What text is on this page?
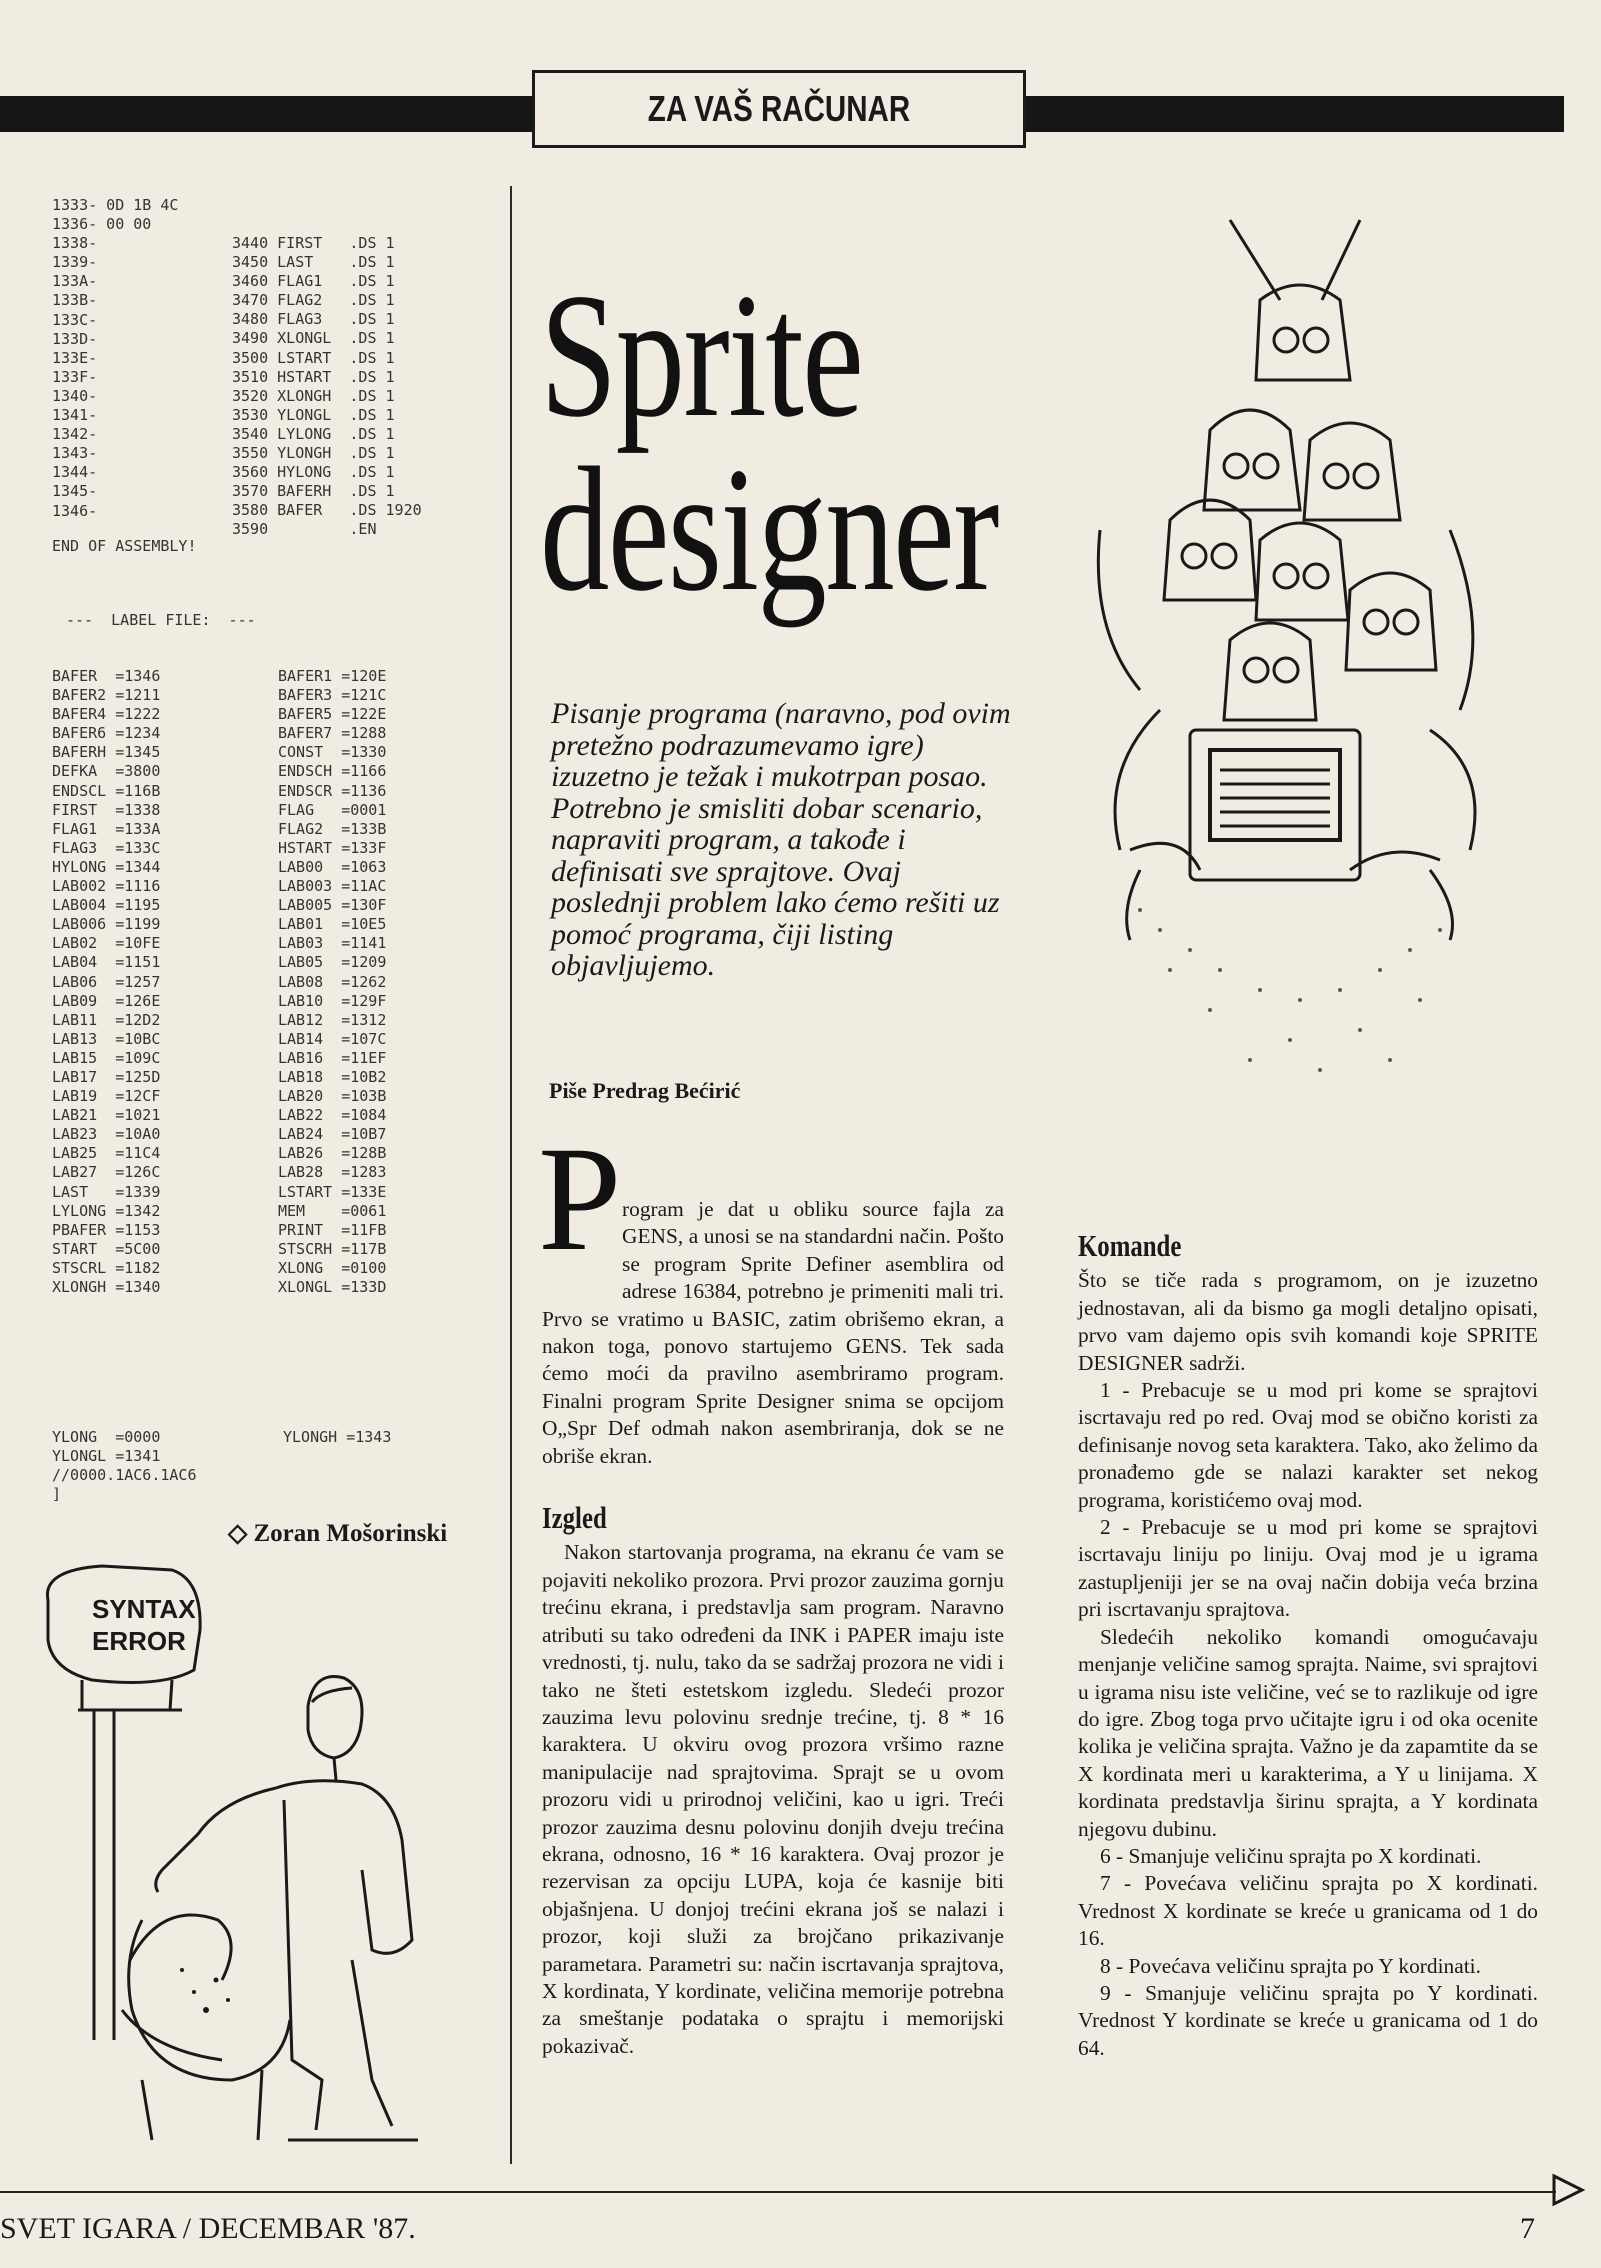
ZA VAŠ RAČUNAR
1333- 0D 1B 4C
1336- 00 00
1338-
1339-
133A-
133B-
133C-
133D-
133E-
133F-
1340-
1341-
1342-
1343-
1344-
1345-
1346-
3440 FIRST   .DS 1
3450 LAST    .DS 1
3460 FLAG1   .DS 1
3470 FLAG2   .DS 1
3480 FLAG3   .DS 1
3490 XLONGL  .DS 1
3500 LSTART  .DS 1
3510 HSTART  .DS 1
3520 XLONGH  .DS 1
3530 YLONGL  .DS 1
3540 LYLONG  .DS 1
3550 YLONGH  .DS 1
3560 HYLONG  .DS 1
3570 BAFERH  .DS 1
3580 BAFER   .DS 1920
3590         .EN
END OF ASSEMBLY!
---  LABEL FILE:  ---
BAFER  =1346
BAFER2 =1211
BAFER4 =1222
BAFER6 =1234
BAFERH =1345
DEFKA  =3800
ENDSCL =116B
FIRST  =1338
FLAG1  =133A
FLAG3  =133C
HYLONG =1344
LAB002 =1116
LAB004 =1195
LAB006 =1199
LAB02  =10FE
LAB04  =1151
LAB06  =1257
LAB09  =126E
LAB11  =12D2
LAB13  =10BC
LAB15  =109C
LAB17  =125D
LAB19  =12CF
LAB21  =1021
LAB23  =10A0
LAB25  =11C4
LAB27  =126C
LAST   =1339
LYLONG =1342
PBAFER =1153
START  =5C00
STSCRL =1182
XLONGH =1340
BAFER1 =120E
BAFER3 =121C
BAFER5 =122E
BAFER7 =1288
CONST  =1330
ENDSCH =1166
ENDSCR =1136
FLAG   =0001
FLAG2  =133B
HSTART =133F
LAB00  =1063
LAB003 =11AC
LAB005 =130F
LAB01  =10E5
LAB03  =1141
LAB05  =1209
LAB08  =1262
LAB10  =129F
LAB12  =1312
LAB14  =107C
LAB16  =11EF
LAB18  =10B2
LAB20  =103B
LAB22  =1084
LAB24  =10B7
LAB26  =128B
LAB28  =1283
LSTART =133E
MEM    =0061
PRINT  =11FB
STSCRH =117B
XLONG  =0100
XLONGL =133D
YLONG  =0000
YLONGL =1341
//0000.1AC6.1AC6
]
YLONGH =1343
◇ Zoran Mošorinski
SYNTAX
ERROR
Sprite
designer
Pisanje programa (naravno, pod ovim pretežno podrazumevamo igre) izuzetno je težak i mukotrpan posao. Potrebno je smisliti dobar scenario, napraviti program, a takođe i definisati sve sprajtove. Ovaj poslednji problem lako ćemo rešiti uz pomoć programa, čiji listing objavljujemo.
Piše Predrag Bećirić
P rogram je dat u obliku source fajla za GENS, a unosi se na standardni način. Pošto se program Sprite Definer asemblira od adrese 16384, potrebno je primeniti mali tri. Prvo se vratimo u BASIC, zatim obrišemo ekran, a nakon toga, ponovo startujemo GENS. Tek sada ćemo moći da pravilno asembriramo program. Finalni program Sprite Designer snima se opcijom O„Spr Def odmah nakon asembriranja, dok se ne obriše ekran.

Izgled

Nakon startovanja programa, na ekranu će vam se pojaviti nekoliko prozora. Prvi prozor zauzima gornju trećinu ekrana, i predstavlja sam program. Naravno atributi su tako određeni da INK i PAPER imaju iste vrednosti, tj. nulu, tako da se sadržaj prozora ne vidi i tako ne šteti estetskom izgledu. Sledeći prozor zauzima levu polovinu srednje trećine, tj. 8 * 16 karaktera. U okviru ovog prozora vršimo razne manipulacije nad sprajtovima. Sprajt se u ovom prozoru vidi u prirodnoj veličini, kao u igri. Treći prozor zauzima desnu polovinu donjih dveju trećina ekrana, odnosno, 16 * 16 karaktera. Ovaj prozor je rezervisan za opciju LUPA, koja će kasnije biti objašnjena. U donjoj trećini ekrana još se nalazi i prozor, koji služi za brojčano prikazivanje parametara. Parametri su: način iscrtavanja sprajtova, X kordinata, Y kordinate, veličina memorije potrebna za smeštanje podataka o sprajtu i memorijski pokazivač.

Komande

Što se tiče rada s programom, on je izuzetno jednostavan, ali da bismo ga mogli detaljno opisati, prvo vam dajemo opis svih komandi koje SPRITE DESIGNER sadrži.

1 - Prebacuje se u mod pri kome se sprajtovi iscrtavaju red po red. Ovaj mod se obično koristi za definisanje novog seta karaktera. Tako, ako želimo da pronađemo gde se nalazi karakter set nekog programa, koristićemo ovaj mod.

2 - Prebacuje se u mod pri kome se sprajtovi iscrtavaju liniju po liniju. Ovaj mod je u igrama zastupljeniji jer se na ovaj način dobija veća brzina pri iscrtavanju sprajtova.

Sledećih nekoliko komandi omogućavaju menjanje veličine samog sprajta. Naime, svi sprajtovi u igrama nisu iste veličine, već se to razlikuje od igre do igre. Zbog toga prvo učitajte igru i od oka ocenite kolika je veličina sprajta. Važno je da zapamtite da se X kordinata meri u karakterima, a Y u linijama. X kordinata predstavlja širinu sprajta, a Y kordinata njegovu dubinu.

6 - Smanjuje veličinu sprajta po X kordinati.

7 - Povećava veličinu sprajta po X kordinati. Vrednost X kordinate se kreće u granicama od 1 do 16.

8 - Povećava veličinu sprajta po Y kordinati.

9 - Smanjuje veličinu sprajta po Y kordinati. Vrednost Y kordinate se kreće u granicama od 1 do 64.

SVET IGARA / DECEMBAR '87.	7
